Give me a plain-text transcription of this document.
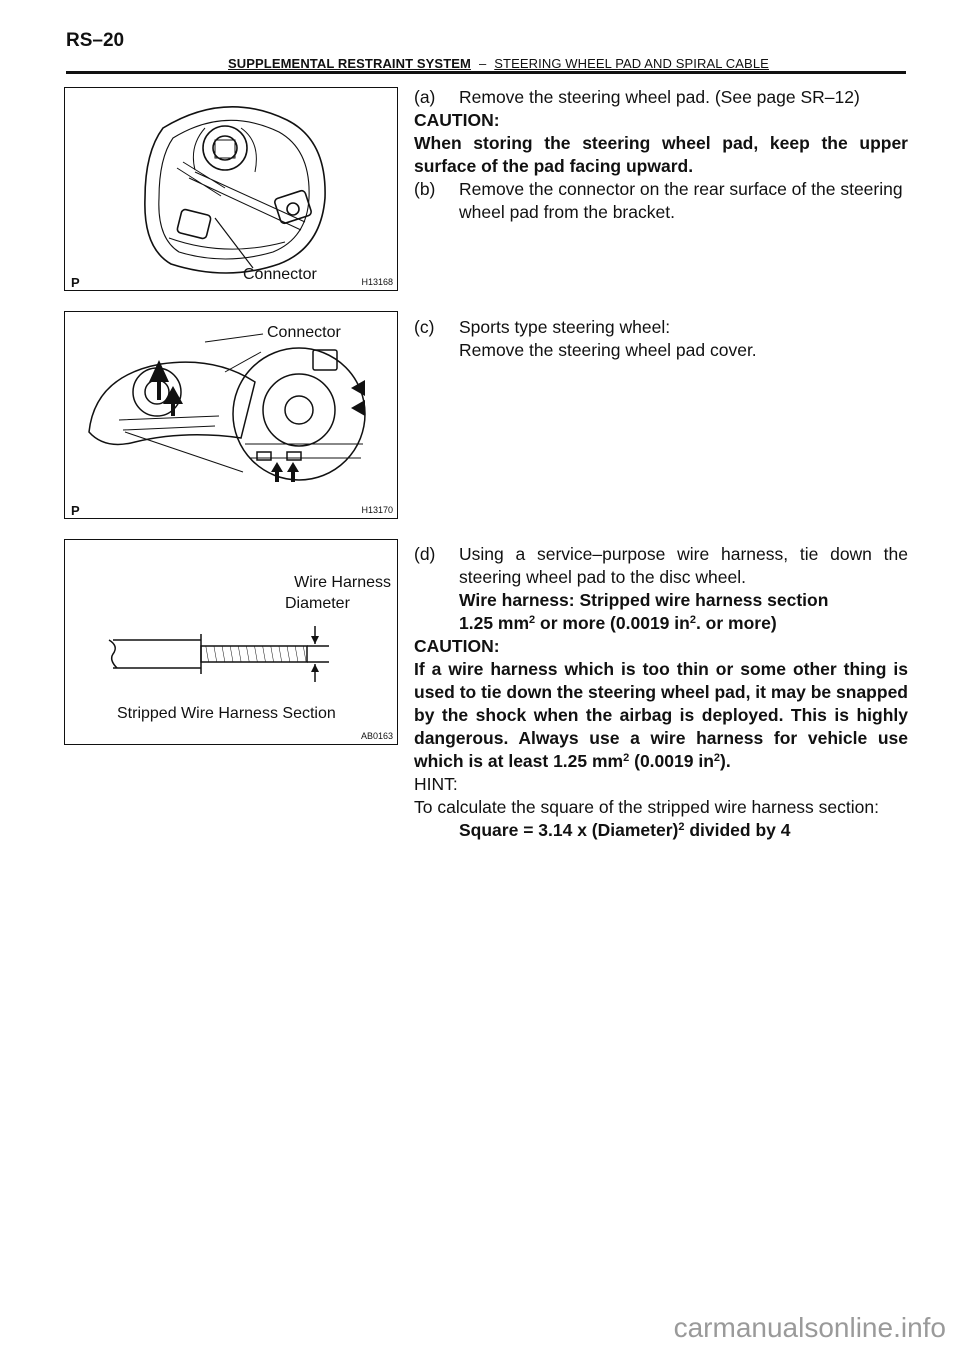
RS–20
SUPPLEMENTAL RESTRAINT SYSTEM – STEERING WHEEL PAD AND SPIRAL CABLE
Connector
P	H13168
Connector
P	H13170
Wire Harness
Diameter
Stripped Wire Harness Section
AB0163
(a)	Remove the steering wheel pad. (See page SR–12)

CAUTION:

When storing the steering wheel pad, keep the upper surface of the pad facing upward.

(b)	Remove the connector on the rear surface of the steering wheel pad from the bracket.
(c)	Sports type steering wheel:

Remove the steering wheel pad cover.

(d)	Using a service–purpose wire harness, tie down the steering wheel pad to the disc wheel.

Wire harness: Stripped wire harness section

1.25 $mm^2$ or more (0.0019 $in^2$. or more)

CAUTION:

If a wire harness which is too thin or some other thing is used to tie down the steering wheel pad, it may be snapped by the shock when the airbag is deployed. This is highly dangerous. Always use a wire harness for vehicle use which is at least 1.25 $mm^2$ (0.0019 $in^2$).

HINT:

To calculate the square of the stripped wire harness section:

Square = 3.14 x (Diameter)$^2$ divided by 4

carmanualsonline.info
